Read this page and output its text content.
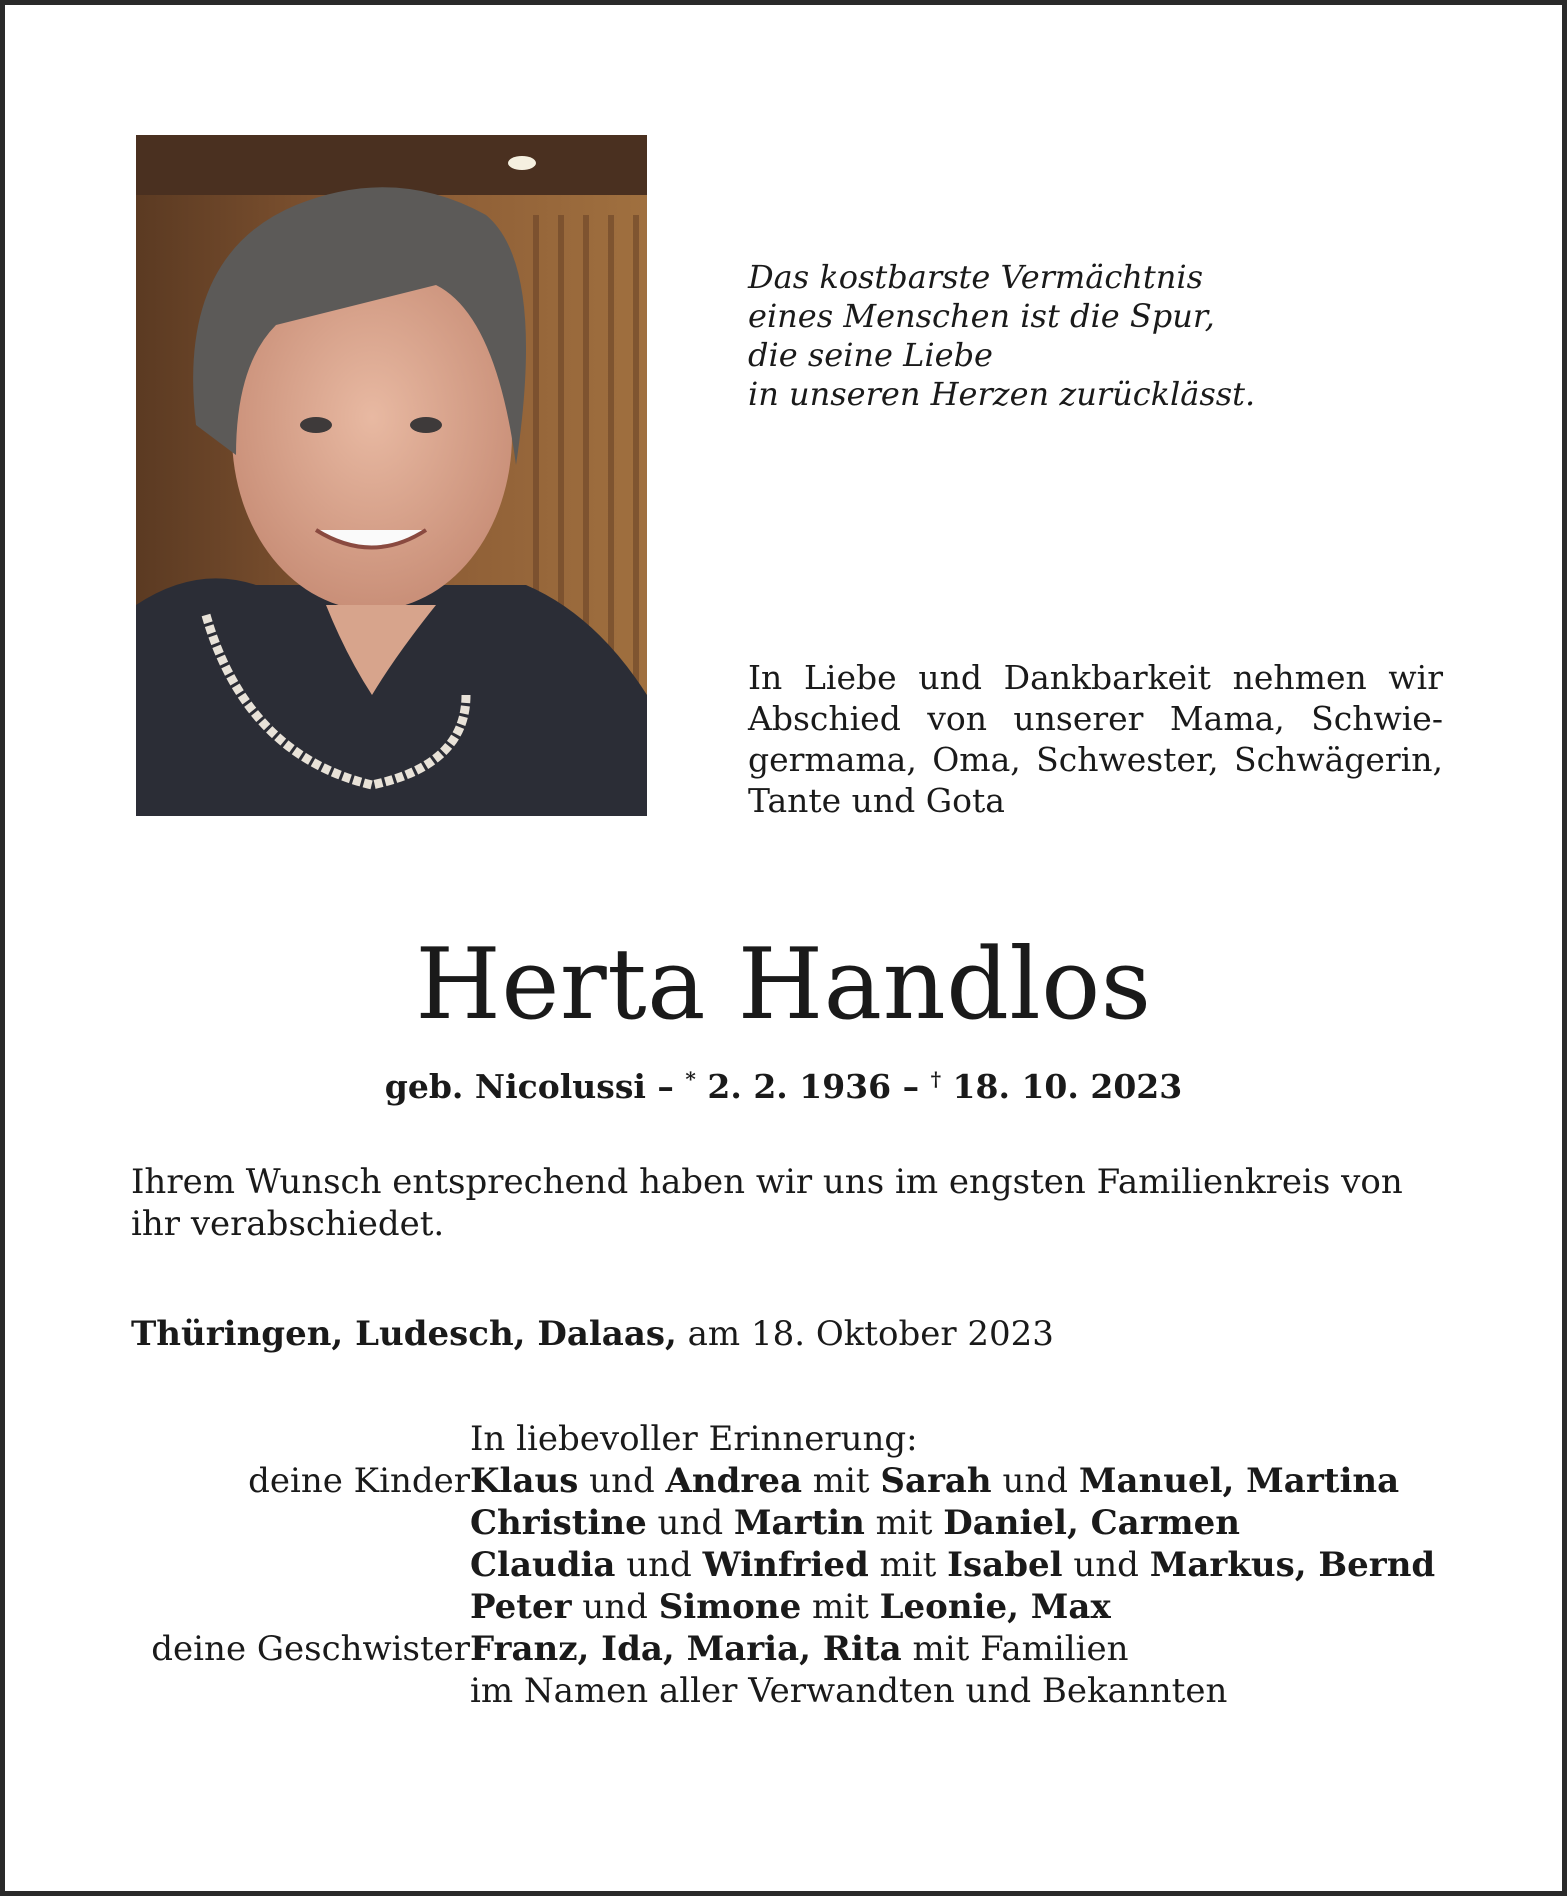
Das kostbarste Vermächtnis
eines Menschen ist die Spur,
die seine Liebe
in unseren Herzen zurücklässt.
In Liebe und Dankbarkeit nehmen wir
Abschied von unserer Mama, Schwie-
germama, Oma, Schwester, Schwägerin,
Tante und Gota
Herta Handlos
geb. Nicolussi – * 2. 2. 1936 – † 18. 10. 2023
Ihrem Wunsch entsprechend haben wir uns im engsten Familienkreis von ihr verabschiedet.
Thüringen, Ludesch, Dalaas, am 18. Oktober 2023
In liebevoller Erinnerung:
deine Kinder Klaus und Andrea mit Sarah und Manuel, Martina
Christine und Martin mit Daniel, Carmen
Claudia und Winfried mit Isabel und Markus, Bernd
Peter und Simone mit Leonie, Max
deine Geschwister Franz, Ida, Maria, Rita mit Familien
im Namen aller Verwandten und Bekannten
